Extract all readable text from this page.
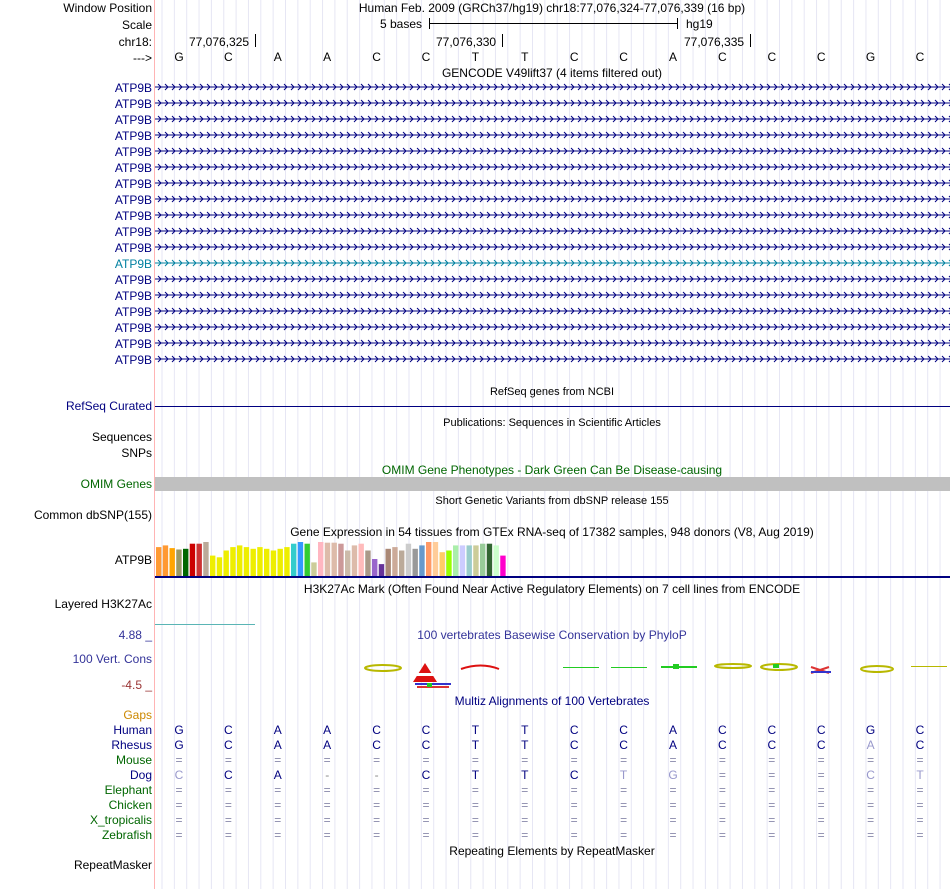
Window Position	Human Feb. 2009 (GRCh37/hg19) chr18:77,076,324-77,076,339 (16 bp)
Scale	5 bases	hg19
chr18:	77,076,325	77,076,330	77,076,335
---> G	C	A	A	C	C	T	T	C	C	A	C	C	C	G	C
GENCODE V49lift37 (4 items filtered out)
ATP9B
ATP9B
ATP9B
ATP9B
ATP9B
ATP9B
ATP9B
ATP9B
ATP9B
ATP9B
ATP9B
ATP9B
ATP9B
ATP9B
ATP9B
ATP9B
ATP9B
ATP9B
RefSeq genes from NCBI
RefSeq Curated
Publications: Sequences in Scientific Articles
Sequences
SNPs
OMIM Gene Phenotypes - Dark Green Can Be Disease-causing
OMIM Genes
Short Genetic Variants from dbSNP release 155
Common dbSNP(155)
Gene Expression in 54 tissues from GTEx RNA-seq of 17382 samples, 948 donors (V8, Aug 2019)
ATP9B
H3K27Ac Mark (Often Found Near Active Regulatory Elements) on 7 cell lines from ENCODE
Layered H3K27Ac
100 vertebrates Basewise Conservation by PhyloP
4.88 _
100 Vert. Cons
-4.5 _
Multiz Alignments of 100 Vertebrates
Gaps
Human G	C	A	A	C	C	T	T	C	C	A	C	C	C	G	C
Rhesus G	C	A	A	C	C	T	T	C	C	A	C	C	C	A	C
Mouse =	=	=	=	=	=	=	=	=	=	=	=	=	=	=	=
Dog C	C	A	-	-	C	T	T	C	T	G	=	=	=	C	T
Elephant =	=	=	=	=	=	=	=	=	=	=	=	=	=	=	=
Chicken =	=	=	=	=	=	=	=	=	=	=	=	=	=	=	=
X_tropicalis =	=	=	=	=	=	=	=	=	=	=	=	=	=	=	=
Zebrafish =	=	=	=	=	=	=	=	=	=	=	=	=	=	=	=
Repeating Elements by RepeatMasker
RepeatMasker
